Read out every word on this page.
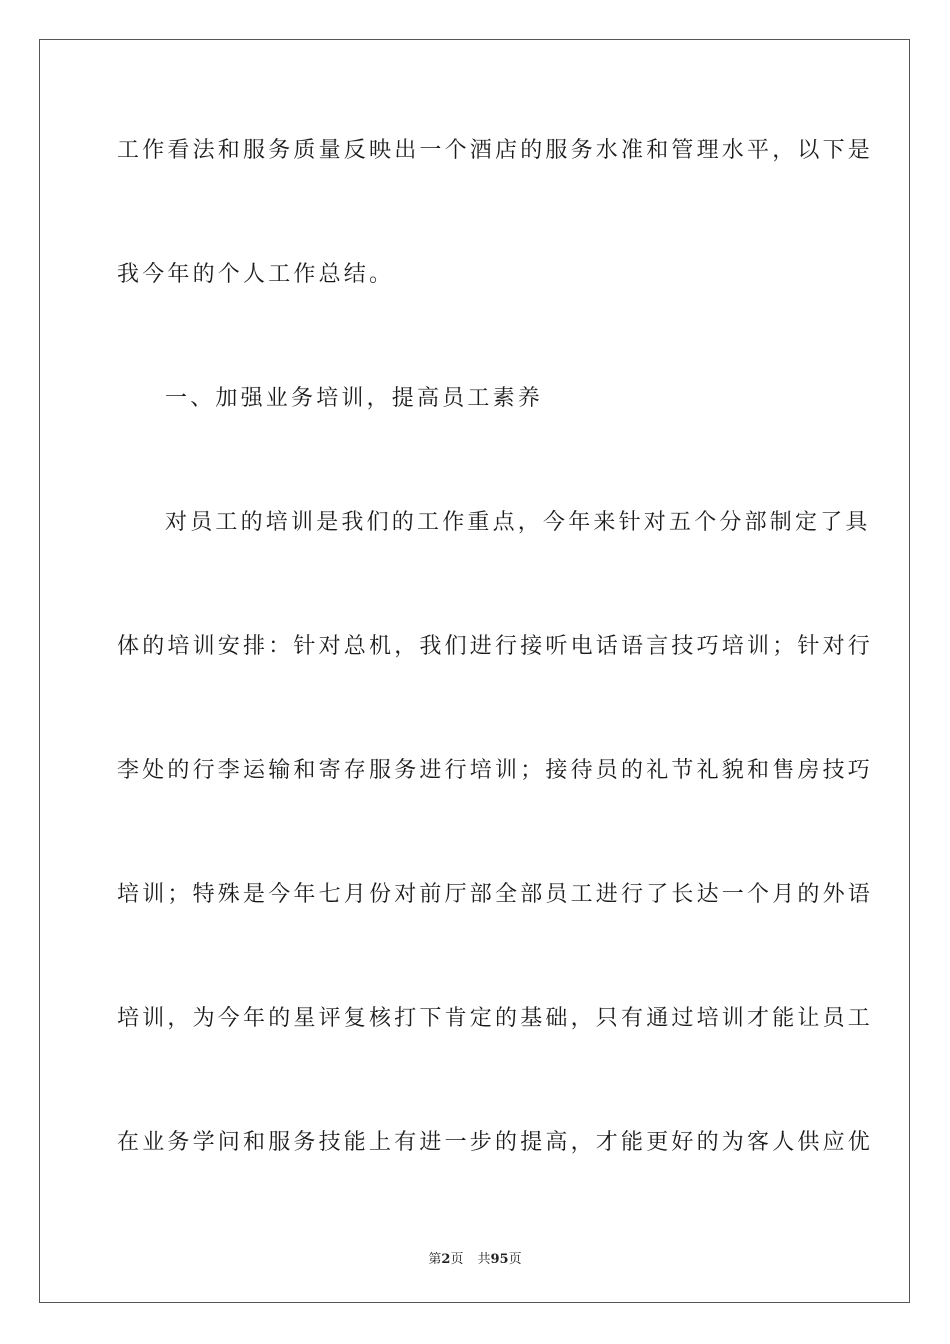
工作看法和服务质量反映出一个酒店的服务水准和管理水平，以下是
我今年的个人工作总结。
一、加强业务培训，提高员工素养
对员工的培训是我们的工作重点，今年来针对五个分部制定了具
体的培训安排：针对总机，我们进行接听电话语言技巧培训；针对行
李处的行李运输和寄存服务进行培训；接待员的礼节礼貌和售房技巧
培训；特殊是今年七月份对前厅部全部员工进行了长达一个月的外语
培训，为今年的星评复核打下肯定的基础，只有通过培训才能让员工
在业务学问和服务技能上有进一步的提高，才能更好的为客人供应优
第2页 共95页
